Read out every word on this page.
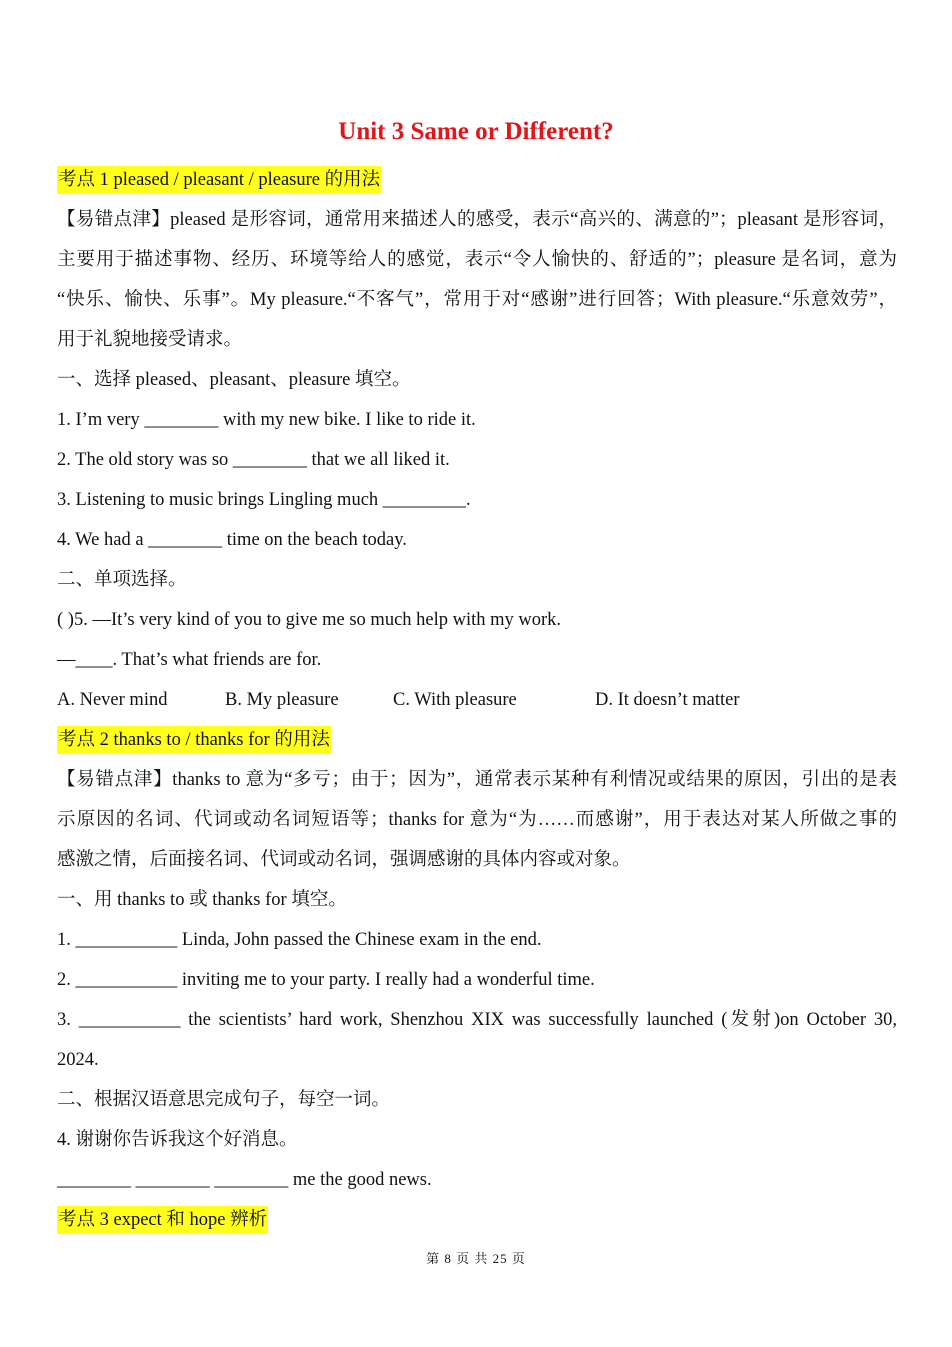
Unit 3 Same or Different?
考点 1 pleased / pleasant / pleasure 的用法
【易错点津】pleased 是形容词，通常用来描述人的感受，表示“高兴的、满意的”；pleasant 是形容词，
主要用于描述事物、经历、环境等给人的感觉，表示“令人愉快的、舒适的”；pleasure 是名词，意为
“快乐、愉快、乐事”。My pleasure.“不客气”，常用于对“感谢”进行回答；With pleasure.“乐意效劳”，
用于礼貌地接受请求。
一、选择 pleased、pleasant、pleasure 填空。
1. I’m very ________ with my new bike. I like to ride it.
2. The old story was so ________ that we all liked it.
3. Listening to music brings Lingling much _________.
4. We had a ________ time on the beach today.
二、单项选择。
( )5. —It’s very kind of you to give me so much help with my work.
—____. That’s what friends are for.
A. Never mind	B. My pleasure	C. With pleasure	D. It doesn’t matter
考点 2 thanks to / thanks for 的用法
【易错点津】thanks to 意为“多亏；由于；因为”，通常表示某种有利情况或结果的原因，引出的是表
示原因的名词、代词或动名词短语等；thanks for 意为“为……而感谢”，用于表达对某人所做之事的
感激之情，后面接名词、代词或动名词，强调感谢的具体内容或对象。
一、用 thanks to 或 thanks for 填空。
1. ___________ Linda, John passed the Chinese exam in the end.
2. ___________ inviting me to your party. I really had a wonderful time.
3. ___________ the scientists’ hard work, Shenzhou XIX was successfully launched (发射)on October 30,
2024.
二、根据汉语意思完成句子，每空一词。
4. 谢谢你告诉我这个好消息。
________ ________ ________ me the good news.
考点 3 expect 和 hope 辨析
第 8 页 共 25 页
